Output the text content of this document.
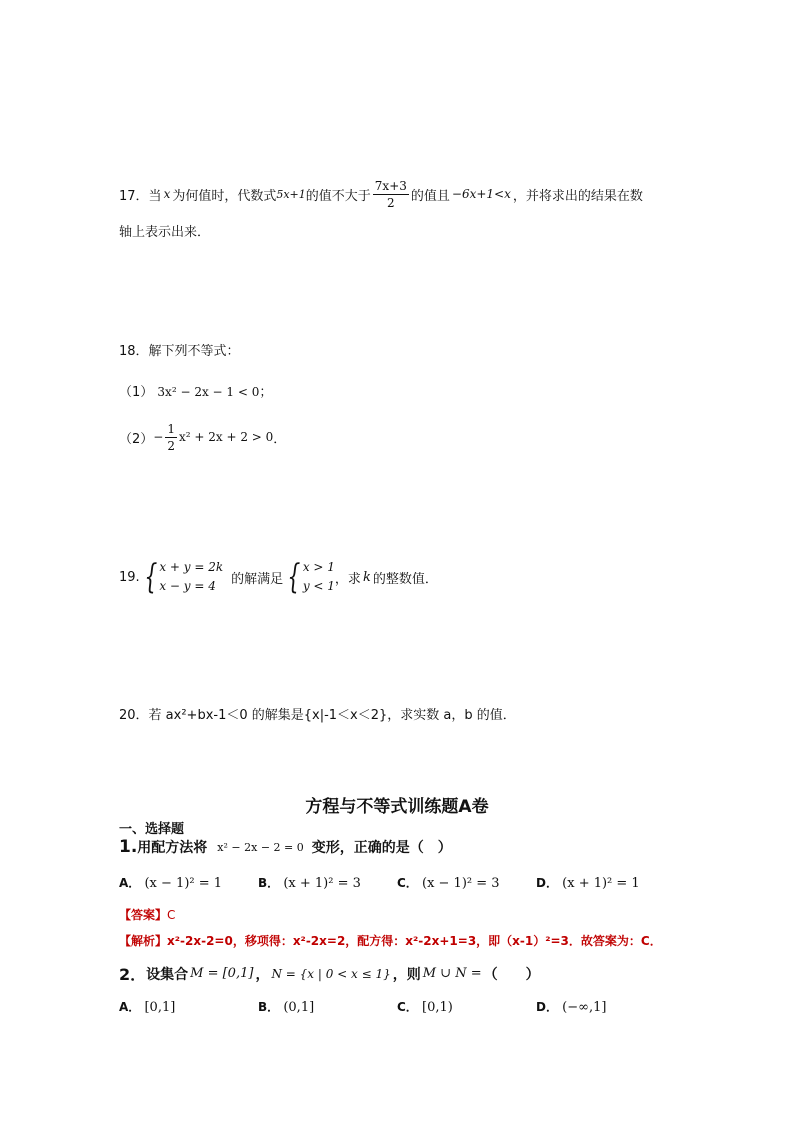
17． 当 x 为何值时，代数式 5x+1 的值不大于 $\frac{7x+3}{2}$ 的值且 −6x+1<x ，并将求出的结果在数
轴上表示出来．
18．解下列不等式：
（1） 3x² − 2x − 1 < 0；
$(2) - \frac{1}{2} x^2 + 2x + 2 > 0$ ．
19. { x + y = 2k
x − y = 4	的解满足 { x > 1
y < 1 ，求 k 的整数值．
20．若 ax²+bx-1＜0 的解集是{x|-1＜x＜2}，求实数 a，b 的值．
方程与不等式训练题A卷
一、选择题
1. 用配方法将 x² − 2x − 2 = 0 变形，正确的是（　）
A． (x − 1)² = 1	B． (x + 1)² = 3	C． (x − 1)² = 3	D． (x + 1)² = 1
【答案】C
【解析】x²-2x-2=0，移项得：x²-2x=2，配方得：x²-2x+1=3，即（x-1）²=3．故答案为：C．
2． 设集合 M = [0,1] ， N = {x | 0 < x ≤ 1} ，则 M ∪ N = （　　）
A． [0,1]	B． (0,1]	C． [0,1)	D． (−∞,1]
